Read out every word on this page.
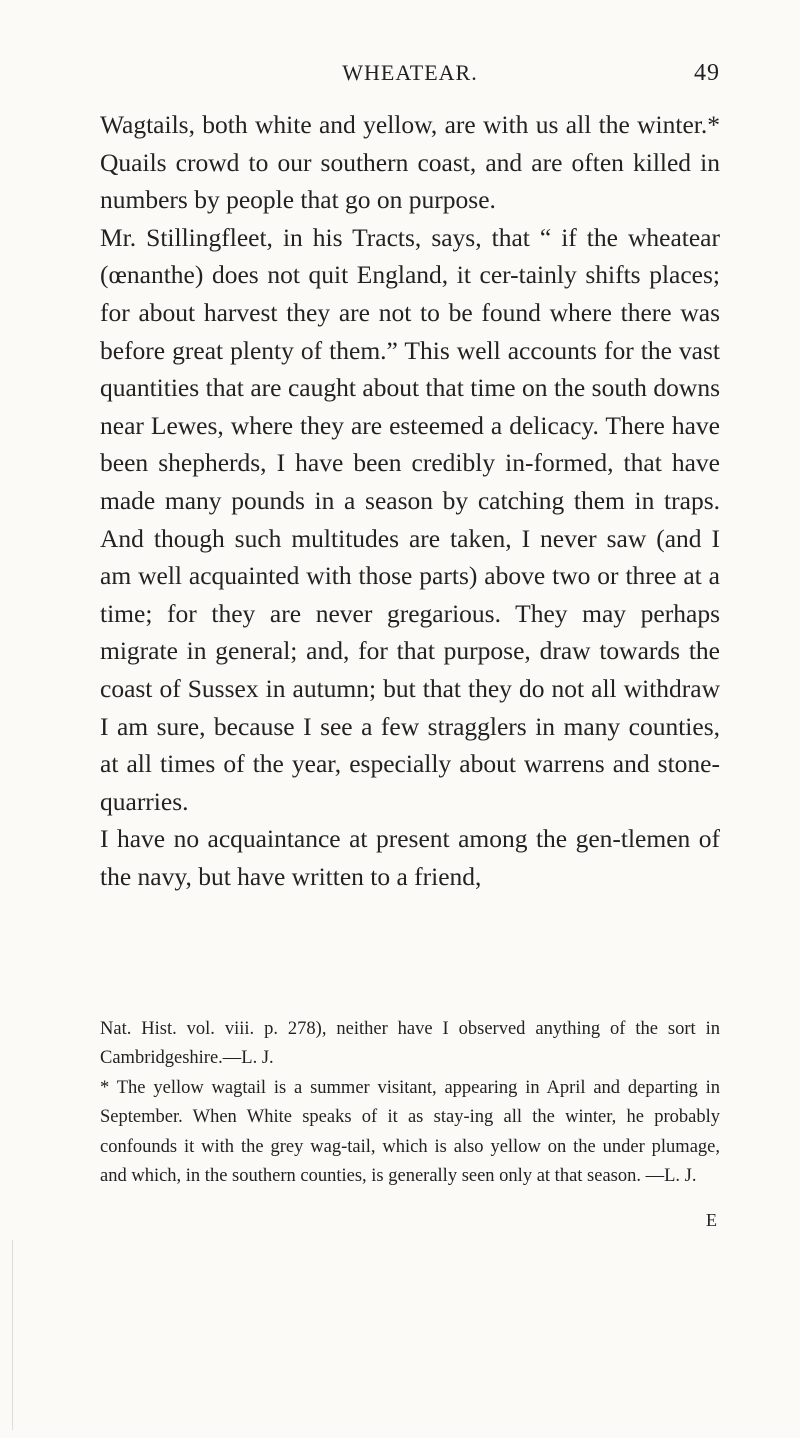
WHEATEAR.	49

Wagtails, both white and yellow, are with us all the winter.* Quails crowd to our southern coast, and are often killed in numbers by people that go on purpose.

Mr. Stillingfleet, in his Tracts, says, that “ if the wheatear (œnanthe) does not quit England, it cer-tainly shifts places; for about harvest they are not to be found where there was before great plenty of them.” This well accounts for the vast quantities that are caught about that time on the south downs near Lewes, where they are esteemed a delicacy. There have been shepherds, I have been credibly in-formed, that have made many pounds in a season by catching them in traps. And though such multitudes are taken, I never saw (and I am well acquainted with those parts) above two or three at a time; for they are never gregarious. They may perhaps migrate in general; and, for that purpose, draw towards the coast of Sussex in autumn; but that they do not all withdraw I am sure, because I see a few stragglers in many counties, at all times of the year, especially about warrens and stone-quarries.

I have no acquaintance at present among the gen-tlemen of the navy, but have written to a friend,

Nat. Hist. vol. viii. p. 278), neither have I observed anything of the sort in Cambridgeshire.—L. J.

* The yellow wagtail is a summer visitant, appearing in April and departing in September. When White speaks of it as stay-ing all the winter, he probably confounds it with the grey wag-tail, which is also yellow on the under plumage, and which, in the southern counties, is generally seen only at that season. —L. J.

E
